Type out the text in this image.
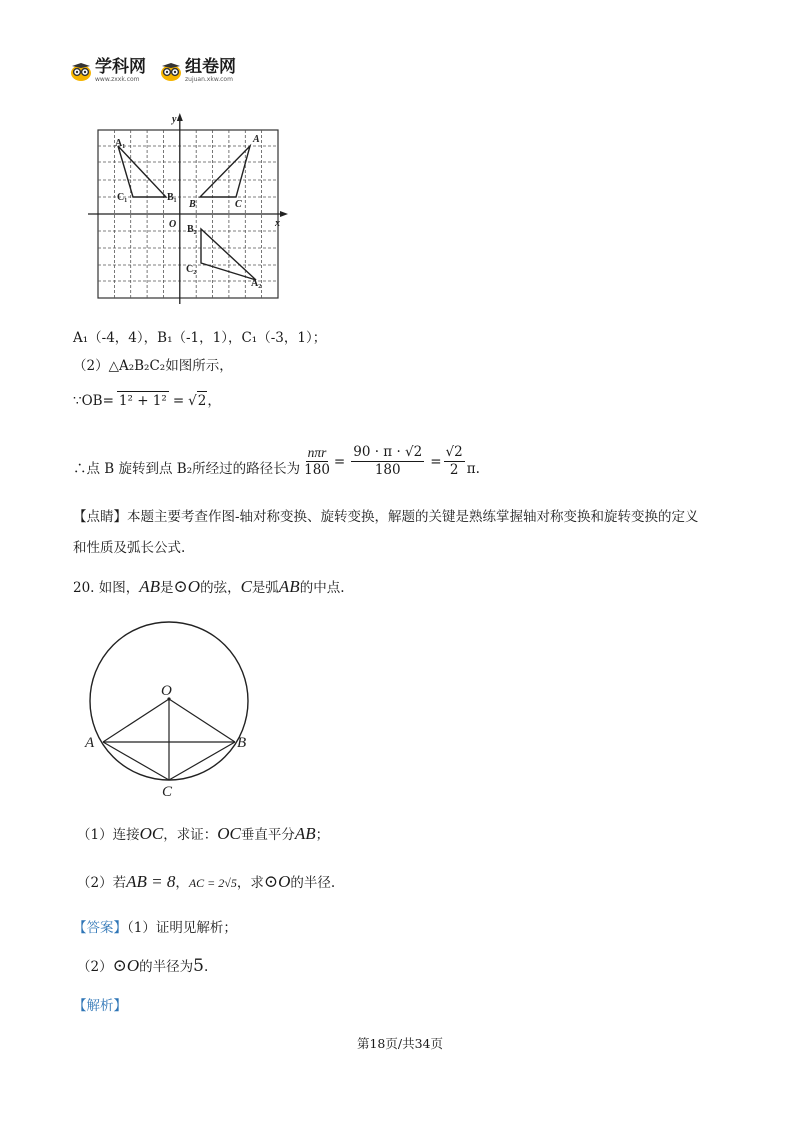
学科网
www.zxxk.com
组卷网
zujuan.xkw.com
y
x
O
A₁
B₁
C₁
A
B	C
B₂
C₂
A₂
A₁（-4，4），B₁（-1，1），C₁（-3，1）；
（2）△A₂B₂C₂如图所示，
∵ OB= 1² + 1² = √ 2 ，
∴点 B 旋转到点 B₂所经过的路径长为 $\frac{\text{nπr}}{180} = \frac{90 \cdot \pi \cdot √2}{180} = \frac{√2}{2} \pi$.
【点睛】本题主要考查作图-轴对称变换、旋转变换，解题的关键是熟练掌握轴对称变换和旋转变换的定义
和性质及弧长公式.
20. 如图，AB是⊙O的弦，C是弧AB的中点.
O
A	B
C
（1）连接OC，求证：OC垂直平分AB；
（2）若AB = 8，AC = 2√5，求⊙O的半径.
【答案】（1）证明见解析；
（2）⊙O的半径为5.
【解析】
第18页/共34页
